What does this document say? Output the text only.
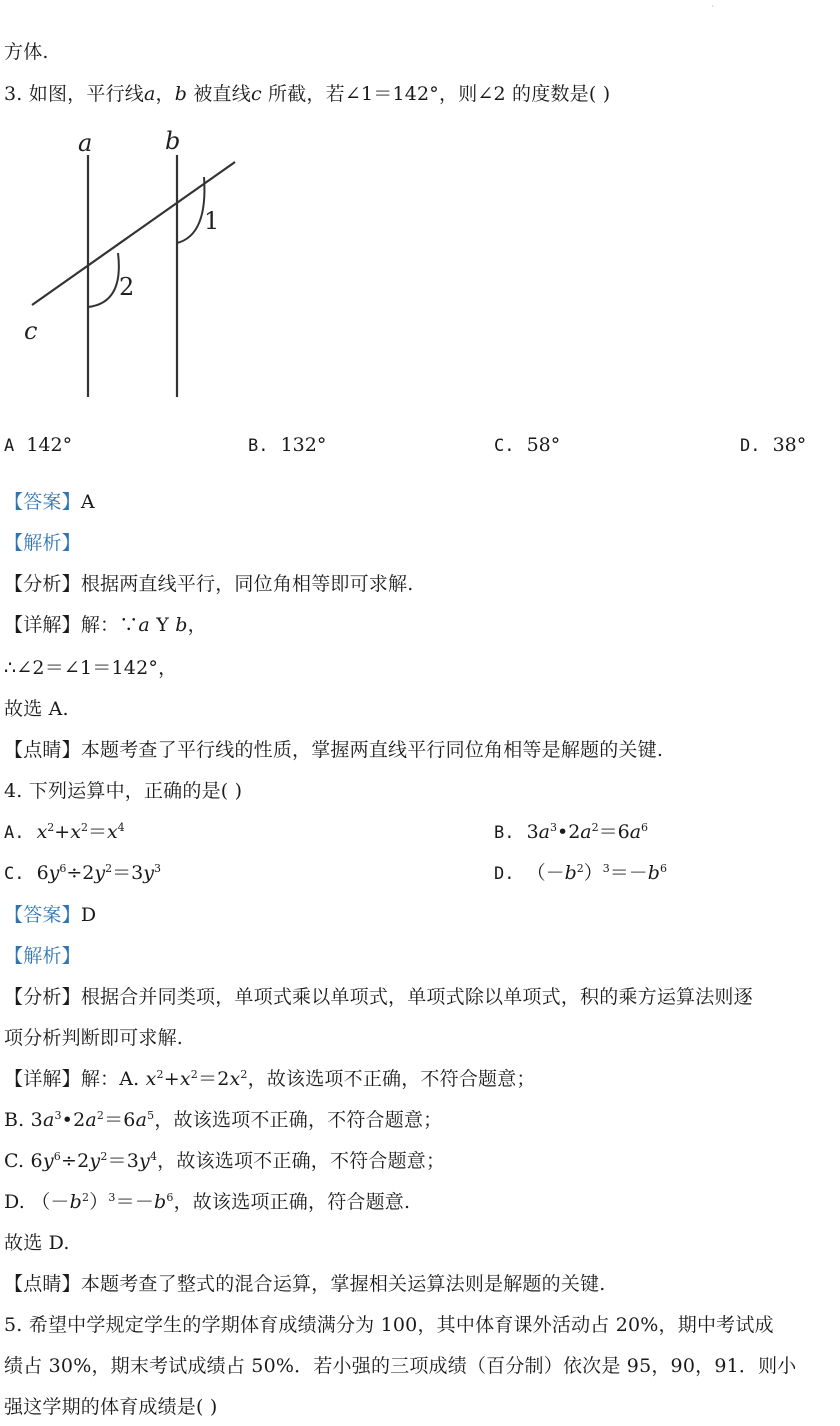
·
方体.
3. 如图，平行线a，b 被直线c 所截，若∠1＝142°，则∠2 的度数是( )
a	b
c
1
2
A 142°	B. 132°	C. 58°	D. 38°
【答案】A
【解析】
【分析】根据两直线平行，同位角相等即可求解.
【详解】解：∵a Y b，
∴∠2＝∠1＝142°，
故选 A.
【点睛】本题考查了平行线的性质，掌握两直线平行同位角相等是解题的关键.
4. 下列运算中，正确的是( )
A. $x^2+x^2=x^4$	B.  $3a^3•2a^2=6a^6$
C.  $6y^6\div 2y^2=3y^3$	D.  $(-b^2)^3=-b^6$
【答案】D
【解析】
【分析】根据合并同类项，单项式乘以单项式，单项式除以单项式，积的乘方运算法则逐
项分析判断即可求解.
【详解】解：A. $x^2+x^2=2x^2$，故该选项不正确，不符合题意；
B. $3a^3•2a^2=6a^5$，故该选项不正确，不符合题意；
C. $6y^6\div 2y^2=3y^4$，故该选项不正确，不符合题意；
D. $(-b^2)^3=-b^6$，故该选项正确，符合题意.
故选 D.
【点睛】本题考查了整式的混合运算，掌握相关运算法则是解题的关键.
5. 希望中学规定学生的学期体育成绩满分为 100，其中体育课外活动占 20%，期中考试成
绩占 30%，期末考试成绩占 50%．若小强的三项成绩（百分制）依次是 95，90，91．则小
强这学期的体育成绩是( )
